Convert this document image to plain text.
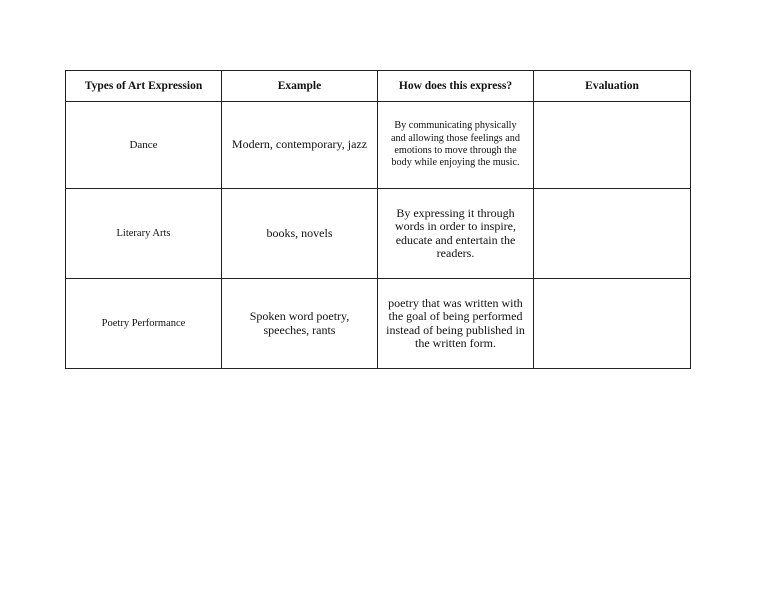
Types of Art Expression	Example	How does this express?	Evaluation
Dance	Modern, contemporary, jazz	By communicating physically and allowing those feelings and emotions to move through the body while enjoying the music.	
Literary Arts	books, novels	By expressing it through words in order to inspire, educate and entertain the readers.	
Poetry Performance	Spoken word poetry, speeches, rants	poetry that was written with the goal of being performed instead of being published in the written form.	
